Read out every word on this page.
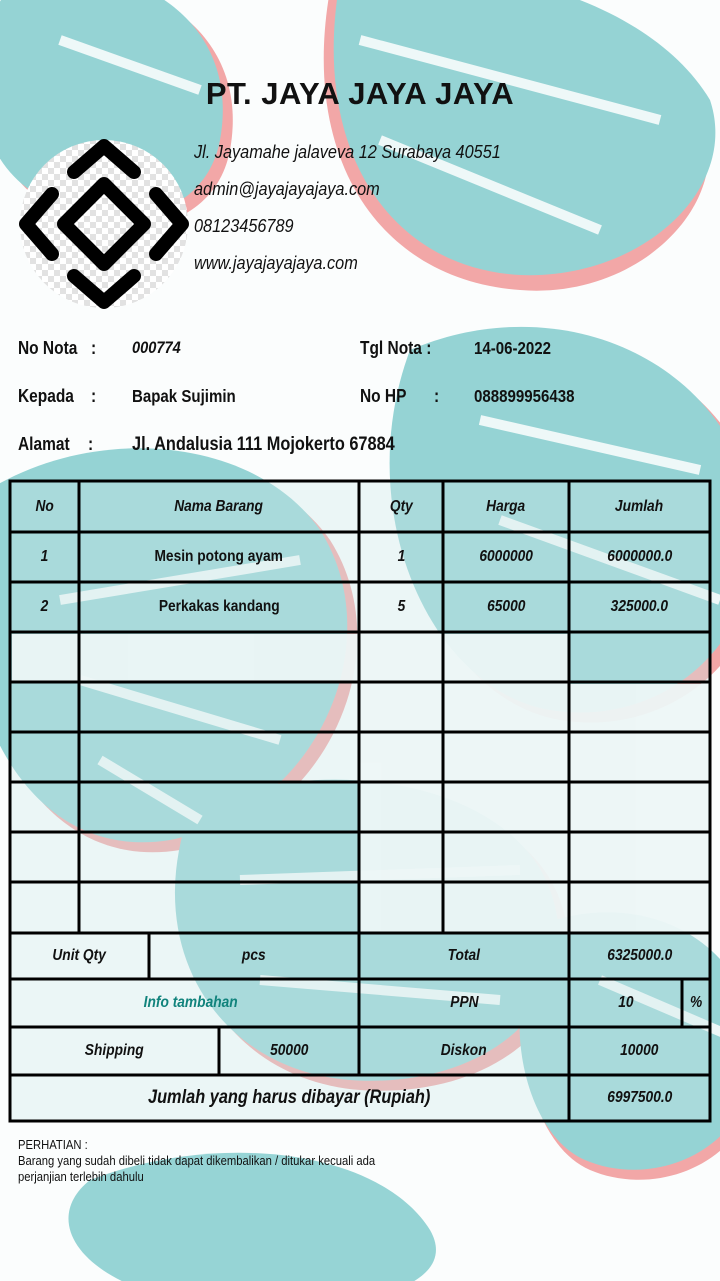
PT. JAYA JAYA JAYA
Jl. Jayamahe jalaveva 12 Surabaya 40551
admin@jayajayajaya.com
08123456789
www.jayajayajaya.com
No Nota : 000774	Tgl Nota : 14-06-2022
Kepada : Bapak Sujimin	No HP : 088899956438
Alamat : Jl. Andalusia 111 Mojokerto 67884
No	Nama Barang	Qty	Harga	Jumlah
1	Mesin potong ayam	1	6000000	6000000.0
2	Perkakas kandang	5	65000	325000.0
Unit Qty	pcs	Total	6325000.0
Info tambahan	PPN	10	%
Shipping	50000	Diskon	10000
Jumlah yang harus dibayar (Rupiah)	6997500.0
PERHATIAN :
Barang yang sudah dibeli tidak dapat dikembalikan / ditukar kecuali ada
perjanjian terlebih dahulu
